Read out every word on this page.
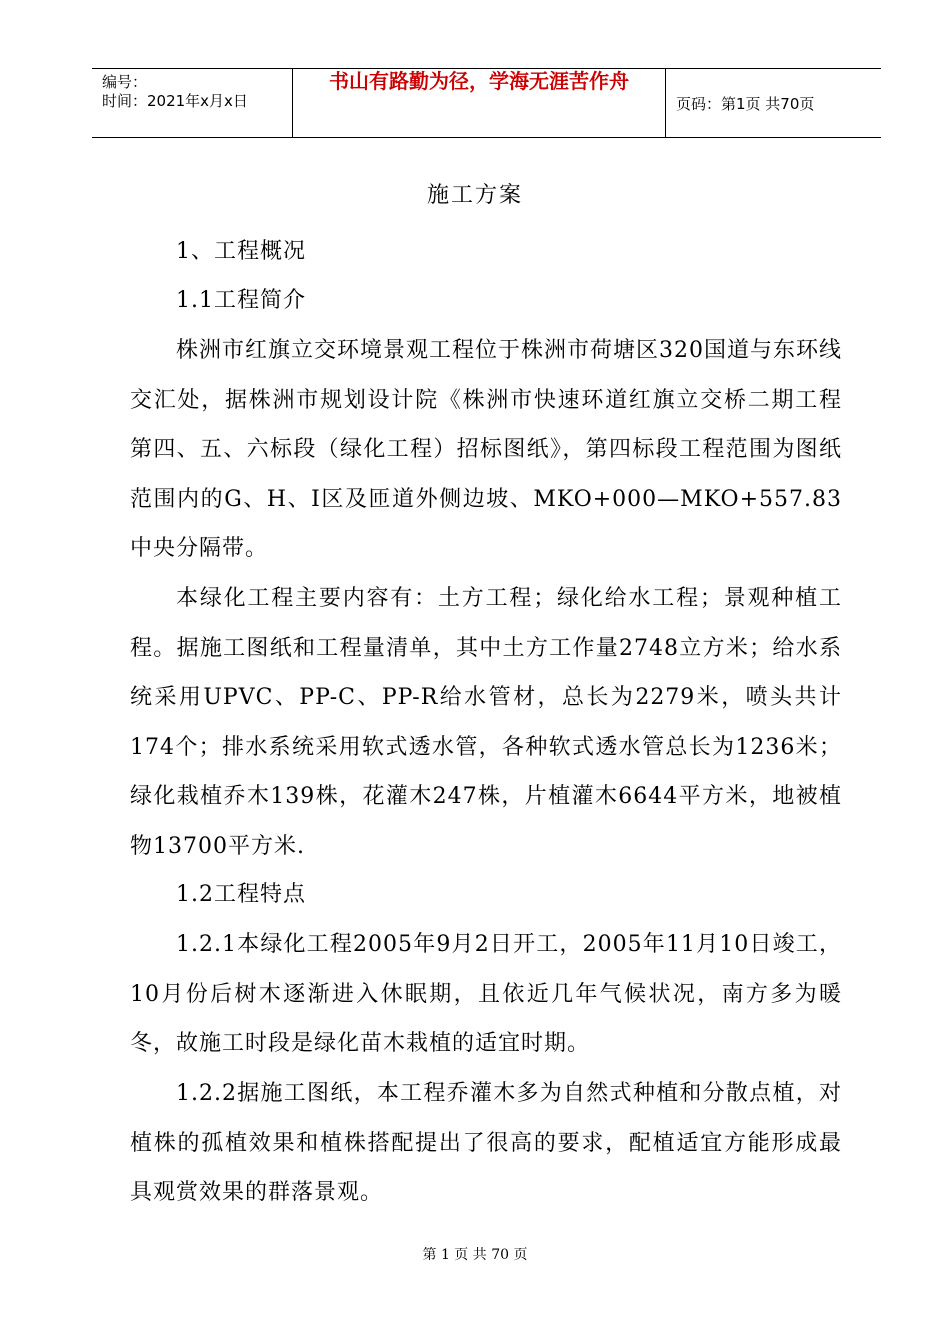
编号：
时间：2021年x月x日
书山有路勤为径，学海无涯苦作舟
页码：第1页 共70页
施工方案

1、工程概况

1.1工程简介

株洲市红旗立交环境景观工程位于株洲市荷塘区320国道与东环线交汇处，据株洲市规划设计院《株洲市快速环道红旗立交桥二期工程第四、五、六标段（绿化工程）招标图纸》，第四标段工程范围为图纸范围内的G、H、I区及匝道外侧边坡、MKO+000—MKO+557.83中央分隔带。

本绿化工程主要内容有：土方工程；绿化给水工程；景观种植工程。据施工图纸和工程量清单，其中土方工作量2748立方米；给水系统采用UPVC、PP-C、PP-R给水管材，总长为2279米，喷头共计174个；排水系统采用软式透水管，各种软式透水管总长为1236米；绿化栽植乔木139株，花灌木247株，片植灌木6644平方米，地被植物13700平方米.

1.2工程特点

1.2.1本绿化工程2005年9月2日开工，2005年11月10日竣工，10月份后树木逐渐进入休眠期，且依近几年气候状况，南方多为暖冬，故施工时段是绿化苗木栽植的适宜时期。

1.2.2据施工图纸，本工程乔灌木多为自然式种植和分散点植，对植株的孤植效果和植株搭配提出了很高的要求，配植适宜方能形成最具观赏效果的群落景观。

第 1 页 共 70 页
